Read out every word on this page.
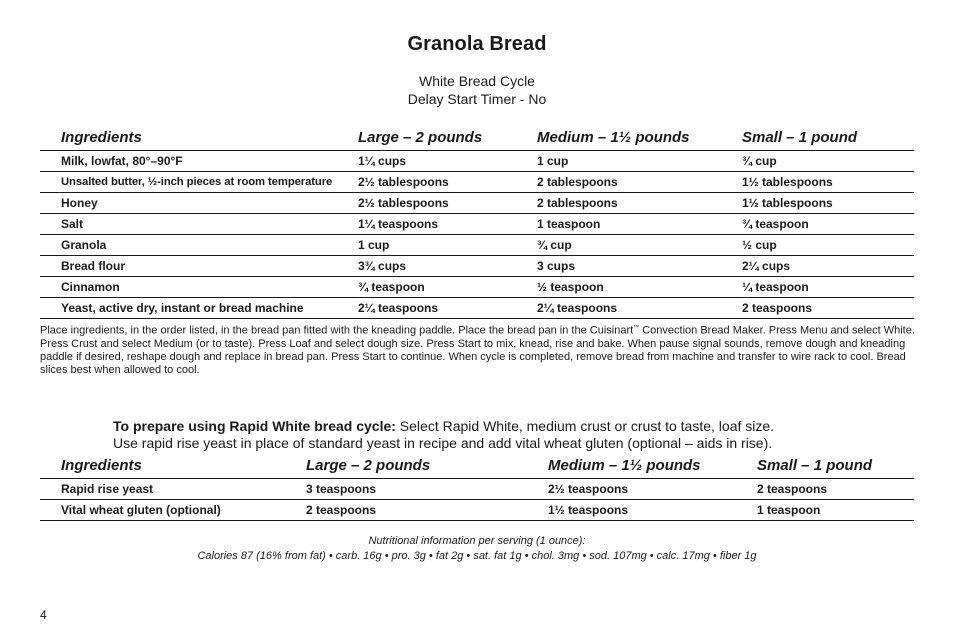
Granola Bread
White Bread Cycle
Delay Start Timer - No
Ingredients	Large – 2 pounds	Medium – 1½ pounds	Small – 1 pound
Milk, lowfat, 80°–90°F	1¼ cups	1 cup	¾ cup
Unsalted butter, ½-inch pieces at room temperature	2½ tablespoons	2 tablespoons	1½ tablespoons
Honey	2½ tablespoons	2 tablespoons	1½ tablespoons
Salt	1¼ teaspoons	1 teaspoon	¾ teaspoon
Granola	1 cup	¾ cup	½ cup
Bread flour	3¾ cups	3 cups	2¼ cups
Cinnamon	¾ teaspoon	½ teaspoon	¼ teaspoon
Yeast, active dry, instant or bread machine	2¼ teaspoons	2¼ teaspoons	2 teaspoons
Place ingredients, in the order listed, in the bread pan fitted with the kneading paddle. Place the bread pan in the Cuisinart™ Convection Bread Maker. Press Menu and select White. Press Crust and select Medium (or to taste). Press Loaf and select dough size. Press Start to mix, knead, rise and bake. When pause signal sounds, remove dough and kneading paddle if desired, reshape dough and replace in bread pan. Press Start to continue. When cycle is completed, remove bread from machine and transfer to wire rack to cool. Bread slices best when allowed to cool.
To prepare using Rapid White bread cycle: Select Rapid White, medium crust or crust to taste, loaf size.
Use rapid rise yeast in place of standard yeast in recipe and add vital wheat gluten (optional – aids in rise).
Ingredients	Large – 2 pounds	Medium – 1½ pounds	Small – 1 pound
Rapid rise yeast	3 teaspoons	2½ teaspoons	2 teaspoons
Vital wheat gluten (optional)	2 teaspoons	1½ teaspoons	1 teaspoon
Nutritional information per serving (1 ounce):
Calories 87 (16% from fat) • carb. 16g • pro. 3g • fat 2g • sat. fat 1g • chol. 3mg • sod. 107mg • calc. 17mg • fiber 1g
4
